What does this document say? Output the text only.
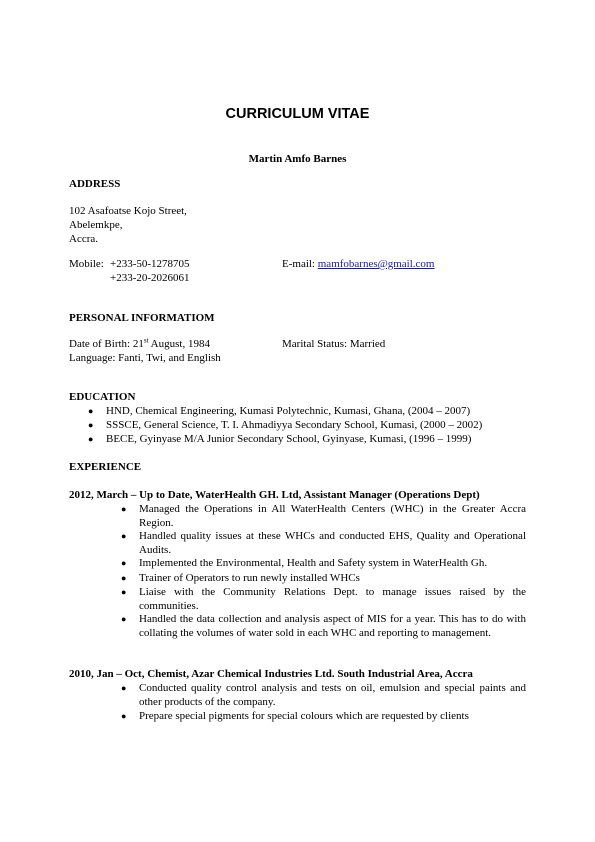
CURRICULUM VITAE
Martin Amfo Barnes
ADDRESS
102 Asafoatse Kojo Street,
Abelemkpe,
Accra.
Mobile: +233-50-1278705
+233-20-2026061
E-mail: mamfobarnes@gmail.com
PERSONAL INFORMATIOM
Date of Birth: 21st August, 1984	Marital Status: Married
Language: Fanti, Twi, and English
EDUCATION
● HND, Chemical Engineering, Kumasi Polytechnic, Kumasi, Ghana, (2004 – 2007)
● SSSCE, General Science, T. I. Ahmadiyya Secondary School, Kumasi, (2000 – 2002)
● BECE, Gyinyase M/A Junior Secondary School, Gyinyase, Kumasi, (1996 – 1999)
EXPERIENCE
2012, March – Up to Date, WaterHealth GH. Ltd, Assistant Manager (Operations Dept)
● Managed the Operations in All WaterHealth Centers (WHC) in the Greater Accra Region.
● Handled quality issues at these WHCs and conducted EHS, Quality and Operational Audits.
● Implemented the Environmental, Health and Safety system in WaterHealth Gh.
● Trainer of Operators to run newly installed WHCs
● Liaise with the Community Relations Dept. to manage issues raised by the communities.
● Handled the data collection and analysis aspect of MIS for a year. This has to do with collating the volumes of water sold in each WHC and reporting to management.
2010, Jan – Oct, Chemist, Azar Chemical Industries Ltd. South Industrial Area, Accra
● Conducted quality control analysis and tests on oil, emulsion and special paints and other products of the company.
● Prepare special pigments for special colours which are requested by clients
